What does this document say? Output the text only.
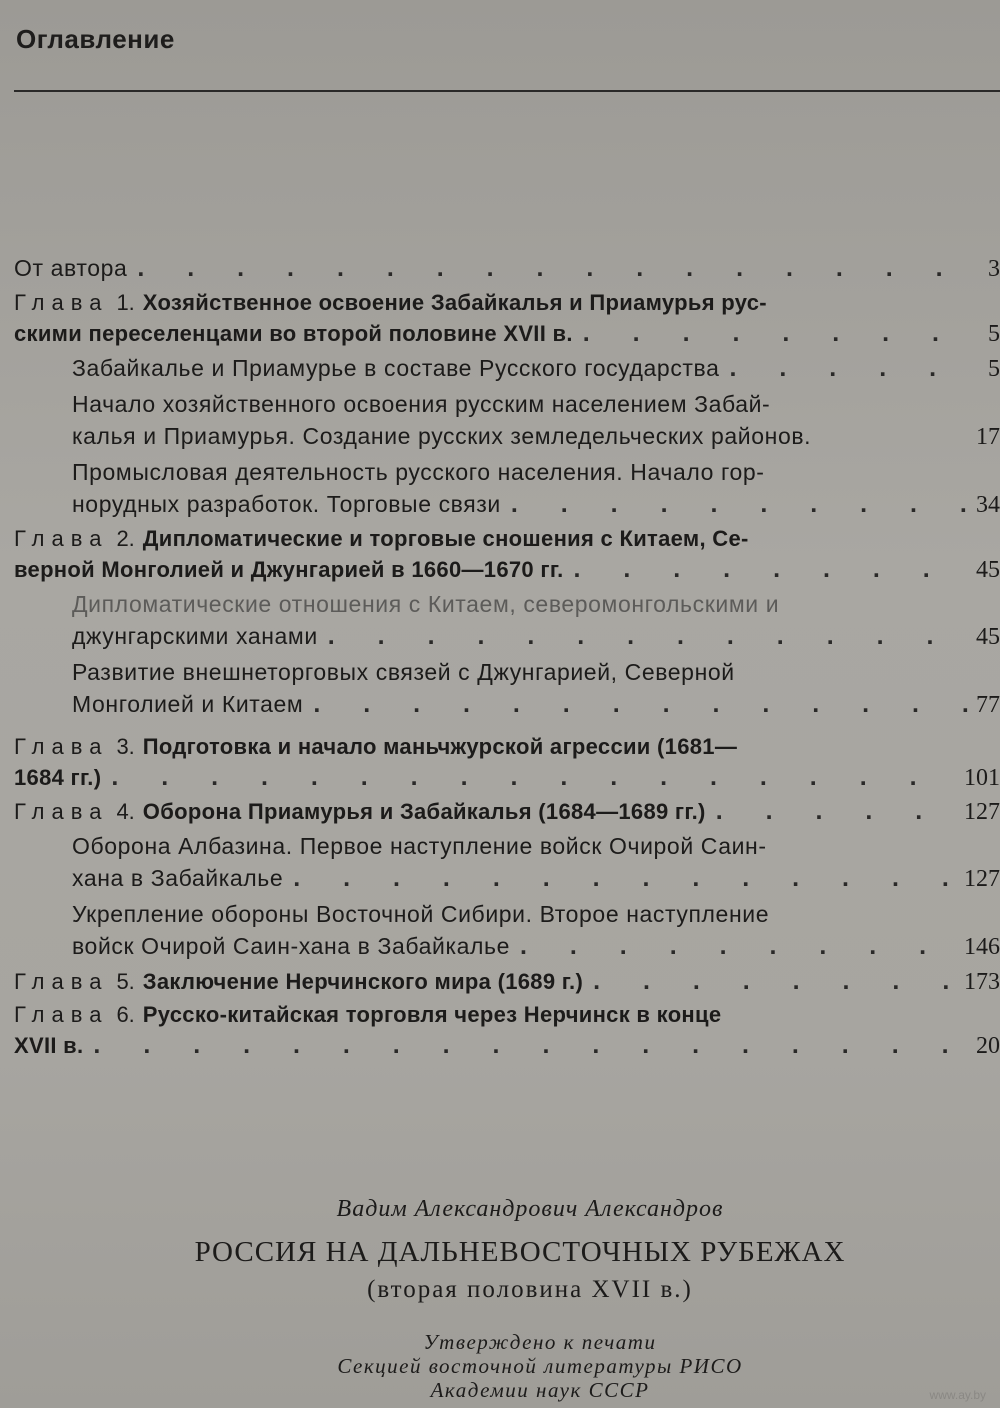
Оглавление
От автора . . .	3
Глава 1. Хозяйственное освоение Забайкалья и Приамурья рус-
скими переселенцами во второй половине XVII в. . . .	5
Забайкалье и Приамурье в составе Русского государства . . .	5
Начало хозяйственного освоения русским населением Забай-
калья и Приамурья. Создание русских земледельческих районов.	17
Промысловая деятельность русского населения. Начало гор-
норудных разработок. Торговые связи . . .	34
Глава 2. Дипломатические и торговые сношения с Китаем, Се-
верной Монголией и Джунгарией в 1660—1670 гг. . . .	45
Дипломатические отношения с Китаем, северомонгольскими и
джунгарскими ханами . . .	45
Развитие внешнеторговых связей с Джунгарией, Северной
Монголией и Китаем . . .	77
Глава 3. Подготовка и начало маньчжурской агрессии (1681—
1684 гг.) . . .	101
Глава 4. Оборона Приамурья и Забайкалья (1684—1689 гг.) . . .	127
Оборона Албазина. Первое наступление войск Очирой Саин-
хана в Забайкалье . . .	127
Укрепление обороны Восточной Сибири. Второе наступление
войск Очирой Саин-хана в Забайкалье . . .	146
Глава 5. Заключение Нерчинского мира (1689 г.) . . .	173
Глава 6. Русско-китайская торговля через Нерчинск в конце
XVII в. . . .	20
Вадим Александрович Александров
РОССИЯ НА ДАЛЬНЕВОСТОЧНЫХ РУБЕЖАХ
(вторая половина XVII в.)
Утверждено к печати
Секцией восточной литературы РИСО
Академии наук СССР	www.ay.by
